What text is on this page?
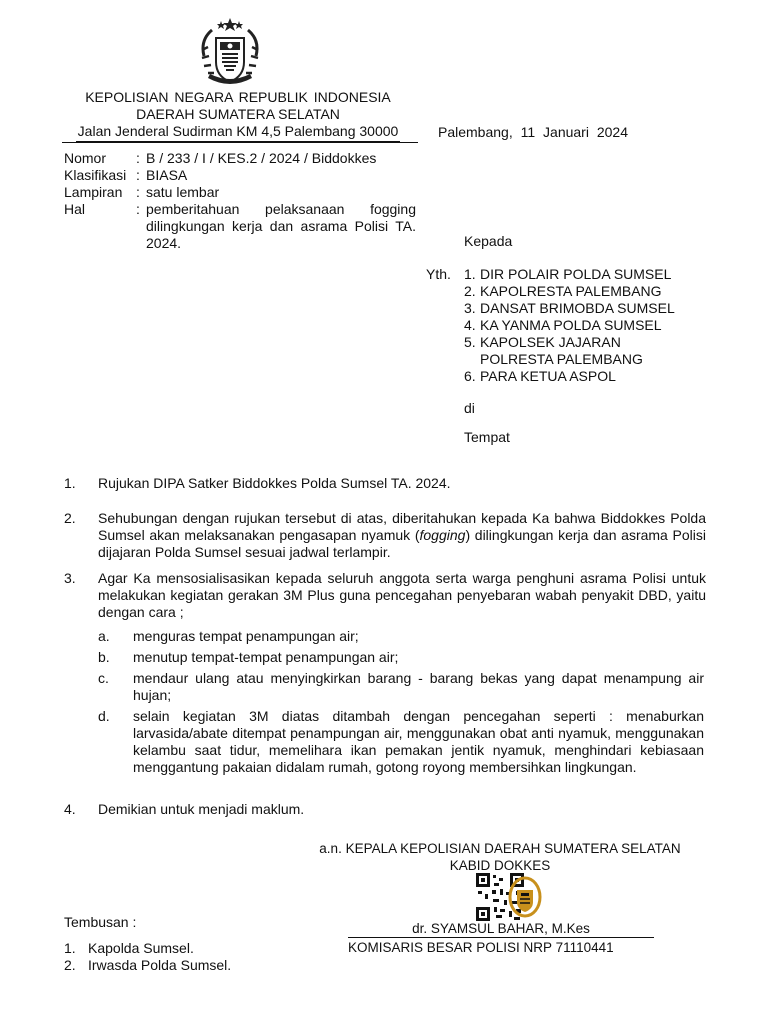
KEPOLISIAN NEGARA REPUBLIK INDONESIA
DAERAH SUMATERA SELATAN
Jalan Jenderal Sudirman KM 4,5 Palembang 30000	Palembang, 11 Januari 2024
Nomor	: B / 233 / I / KES.2 / 2024 / Biddokkes
Klasifikasi : BIASA
Lampiran : satu lembar
Hal	: pemberitahuan pelaksanaan fogging dilingkungan kerja dan asrama Polisi TA. 2024.	Kepada
Yth. 1. DIR POLAIR POLDA SUMSEL
2. KAPOLRESTA PALEMBANG
3. DANSAT BRIMOBDA SUMSEL
4. KA YANMA POLDA SUMSEL
5. KAPOLSEK JAJARAN POLRESTA PALEMBANG
6. PARA KETUA ASPOL
di
Tempat
1.	Rujukan DIPA Satker Biddokkes Polda Sumsel TA. 2024.
2.	Sehubungan dengan rujukan tersebut di atas, diberitahukan kepada Ka bahwa Biddokkes Polda Sumsel akan melaksanakan pengasapan nyamuk (fogging) dilingkungan kerja dan asrama Polisi dijajaran Polda Sumsel sesuai jadwal terlampir.
3.	Agar Ka mensosialisasikan kepada seluruh anggota serta warga penghuni asrama Polisi untuk melakukan kegiatan gerakan 3M Plus guna pencegahan penyebaran wabah penyakit DBD, yaitu dengan cara ;
a.	menguras tempat penampungan air;
b.	menutup tempat-tempat penampungan air;
c.	mendaur ulang atau menyingkirkan barang - barang bekas yang dapat menampung air hujan;
d.	selain kegiatan 3M diatas ditambah dengan pencegahan seperti : menaburkan larvasida/abate ditempat penampungan air, menggunakan obat anti nyamuk, menggunakan kelambu saat tidur, memelihara ikan pemakan jentik nyamuk, menghindari kebiasaan menggantung pakaian didalam rumah, gotong royong membersihkan lingkungan.
4.	Demikian untuk menjadi maklum.
a.n. KEPALA KEPOLISIAN DAERAH SUMATERA SELATAN
KABID DOKKES
dr. SYAMSUL BAHAR, M.Kes
KOMISARIS BESAR POLISI NRP 71110441
Tembusan :
1. Kapolda Sumsel.
2. Irwasda Polda Sumsel.
